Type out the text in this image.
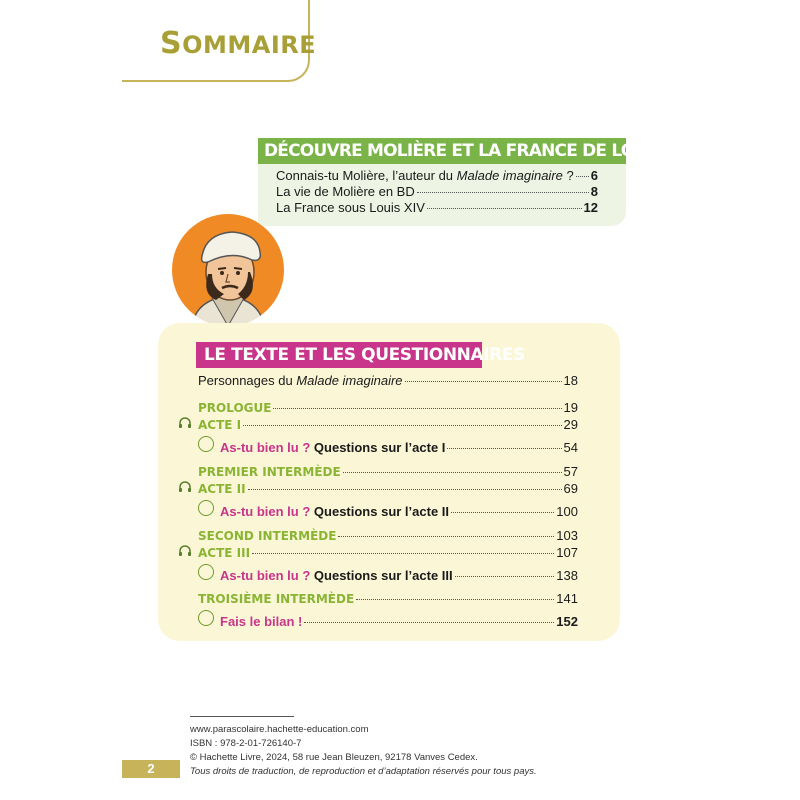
SOMMAIRE
DÉCOUVRE MOLIÈRE ET LA FRANCE DE LOUIS XIV
Connais-tu Molière, l’auteur du Malade imaginaire ? 6
La vie de Molière en BD	8
La France sous Louis XIV	12
LE TEXTE ET LES QUESTIONNAIRES
Personnages du Malade imaginaire	18
PROLOGUE	19
ACTE I	29
As-tu bien lu ? Questions sur l’acte I	54
PREMIER INTERMÈDE	57
ACTE II	69
As-tu bien lu ? Questions sur l’acte II	100
SECOND INTERMÈDE	103
ACTE III	107
As-tu bien lu ? Questions sur l’acte III	138
TROISIÈME INTERMÈDE	141
Fais le bilan !	152
www.parascolaire.hachette-education.com
ISBN : 978-2-01-726140-7
© Hachette Livre, 2024, 58 rue Jean Bleuzen, 92178 Vanves Cedex.
Tous droits de traduction, de reproduction et d’adaptation réservés pour tous pays.
2
